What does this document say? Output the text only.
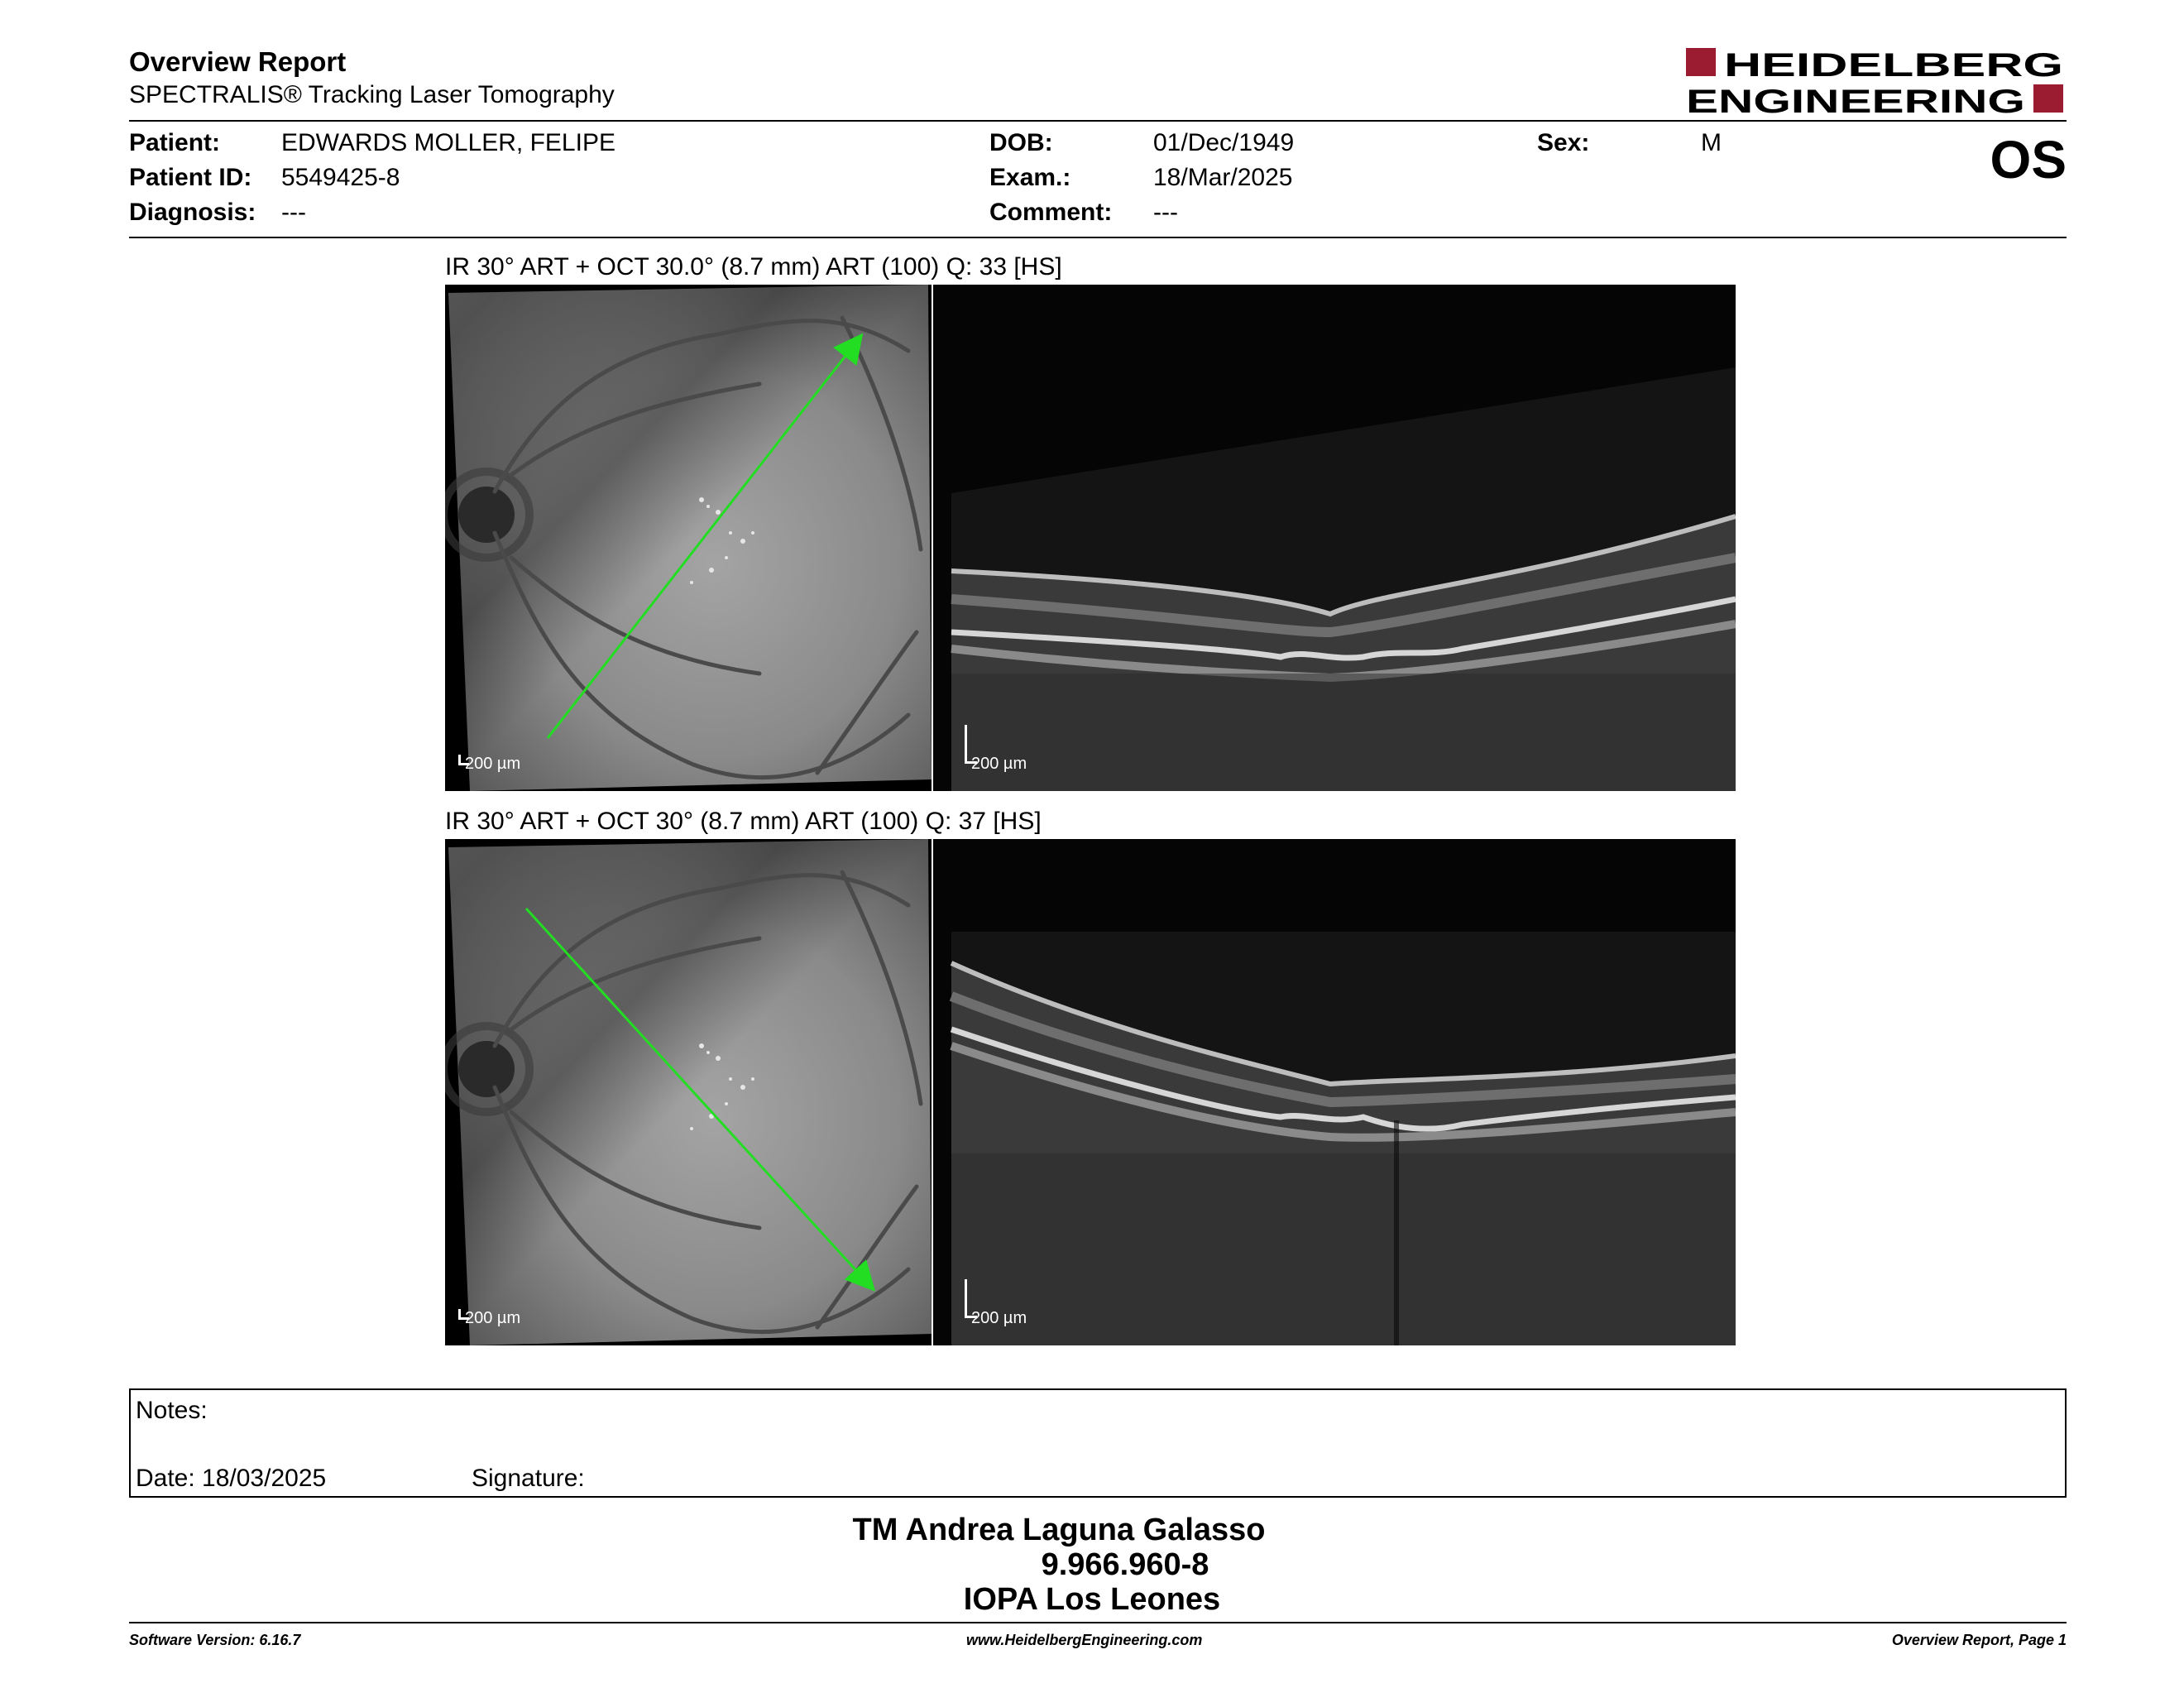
Overview Report
SPECTRALIS® Tracking Laser Tomography
HEIDELBERG
ENGINEERING
Patient: EDWARDS MOLLER, FELIPE
Patient ID: 5549425-8
Diagnosis: ---
DOB:	01/Dec/1949
Exam.:	18/Mar/2025
Comment: ---
Sex:	M	OS
IR 30° ART + OCT 30.0° (8.7 mm) ART (100) Q: 33 [HS]
200 µm	200 µm
IR 30° ART + OCT 30° (8.7 mm) ART (100) Q: 37 [HS]
200 µm	200 µm
Notes:
Date: 18/03/2025	Signature:
TM Andrea Laguna Galasso
9.966.960-8
IOPA Los Leones
Software Version: 6.16.7	www.HeidelbergEngineering.com	Overview Report, Page 1
